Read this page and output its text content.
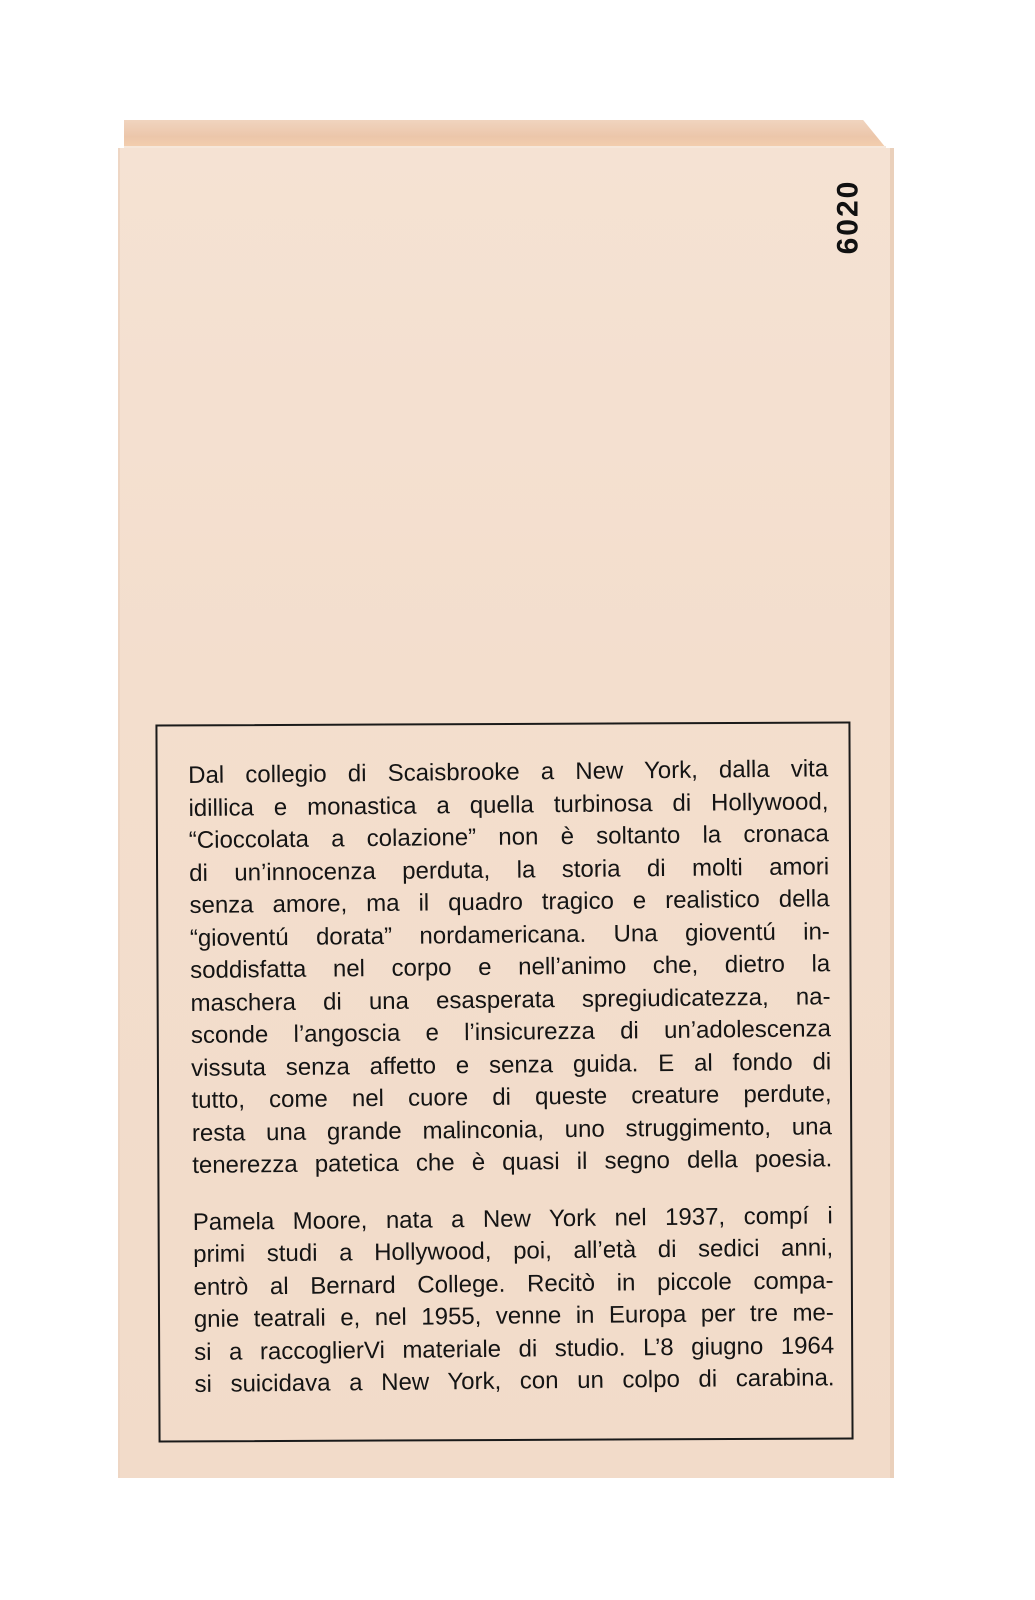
6020

Dal collegio di Scaisbrooke a New York, dalla vita
idillica e monastica a quella turbinosa di Hollywood,
“Cioccolata a colazione” non è soltanto la cronaca
di un’innocenza perduta, la storia di molti amori
senza amore, ma il quadro tragico e realistico della
“gioventú dorata” nordamericana. Una gioventú in-
soddisfatta nel corpo e nell’animo che, dietro la
maschera di una esasperata spregiudicatezza, na-
sconde l’angoscia e l’insicurezza di un’adolescenza
vissuta senza affetto e senza guida. E al fondo di
tutto, come nel cuore di queste creature perdute,
resta una grande malinconia, uno struggimento, una
tenerezza patetica che è quasi il segno della poesia.

Pamela Moore, nata a New York nel 1937, compí i
primi studi a Hollywood, poi, all’età di sedici anni,
entrò al Bernard College. Recitò in piccole compa-
gnie teatrali e, nel 1955, venne in Europa per tre me-
si a raccoglierVi materiale di studio. L’8 giugno 1964
si suicidava a New York, con un colpo di carabina.
